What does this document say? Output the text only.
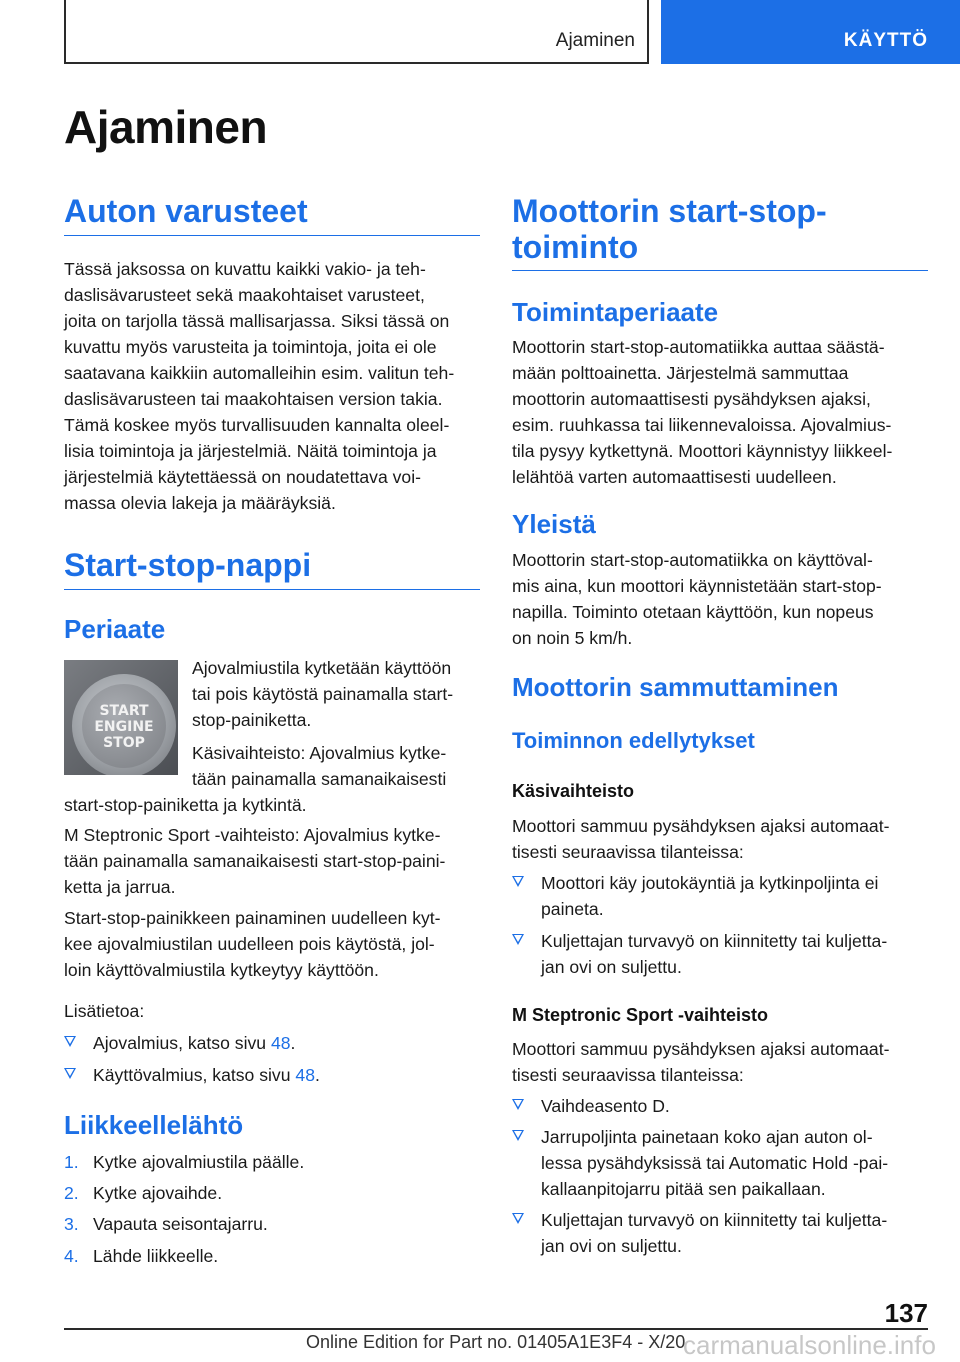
Ajaminen	KÄYTTÖ
Ajaminen
Auton varusteet
Tässä jaksossa on kuvattu kaikki vakio- ja teh-
daslisävarusteet sekä maakohtaiset varusteet,
joita on tarjolla tässä mallisarjassa. Siksi tässä on
kuvattu myös varusteita ja toimintoja, joita ei ole
saatavana kaikkiin automalleihin esim. valitun teh-
daslisävarusteen tai maakohtaisen version takia.
Tämä koskee myös turvallisuuden kannalta oleel-
lisia toimintoja ja järjestelmiä. Näitä toimintoja ja
järjestelmiä käytettäessä on noudatettava voi-
massa olevia lakeja ja määräyksiä.
Start-stop-nappi
Periaate
START
ENGINE
STOP
Ajovalmiustila kytketään käyttöön
tai pois käytöstä painamalla start-
stop-painiketta.
Käsivaihteisto: Ajovalmius kytke-
tään painamalla samanaikaisesti
start-stop-painiketta ja kytkintä.
M Steptronic Sport -vaihteisto: Ajovalmius kytke-
tään painamalla samanaikaisesti start-stop-paini-
ketta ja jarrua.
Start-stop-painikkeen painaminen uudelleen kyt-
kee ajovalmiustilan uudelleen pois käytöstä, jol-
loin käyttövalmiustila kytkeytyy käyttöön.
Lisätietoa:
Ajovalmius, katso sivu 48.
Käyttövalmius, katso sivu 48.
Liikkeellelähtö
1. Kytke ajovalmiustila päälle.
2. Kytke ajovaihde.
3. Vapauta seisontajarru.
4. Lähde liikkeelle.
Moottorin start-stop-
toiminto
Toimintaperiaate
Moottorin start-stop-automatiikka auttaa säästä-
mään polttoainetta. Järjestelmä sammuttaa
moottorin automaattisesti pysähdyksen ajaksi,
esim. ruuhkassa tai liikennevaloissa. Ajovalmius-
tila pysyy kytkettynä. Moottori käynnistyy liikkeel-
lelähtöä varten automaattisesti uudelleen.
Yleistä
Moottorin start-stop-automatiikka on käyttöval-
mis aina, kun moottori käynnistetään start-stop-
napilla. Toiminto otetaan käyttöön, kun nopeus
on noin 5 km/h.
Moottorin sammuttaminen
Toiminnon edellytykset
Käsivaihteisto
Moottori sammuu pysähdyksen ajaksi automaat-
tisesti seuraavissa tilanteissa:
Moottori käy joutokäyntiä ja kytkinpoljinta ei
paineta.
Kuljettajan turvavyö on kiinnitetty tai kuljetta-
jan ovi on suljettu.
M Steptronic Sport -vaihteisto
Moottori sammuu pysähdyksen ajaksi automaat-
tisesti seuraavissa tilanteissa:
Vaihdeasento D.
Jarrupoljinta painetaan koko ajan auton ol-
lessa pysähdyksissä tai Automatic Hold -pai-
kallaanpitojarru pitää sen paikallaan.
Kuljettajan turvavyö on kiinnitetty tai kuljetta-
jan ovi on suljettu.
137
Online Edition for Part no. 01405A1E3F4 - X/20
carmanualsonline.info
